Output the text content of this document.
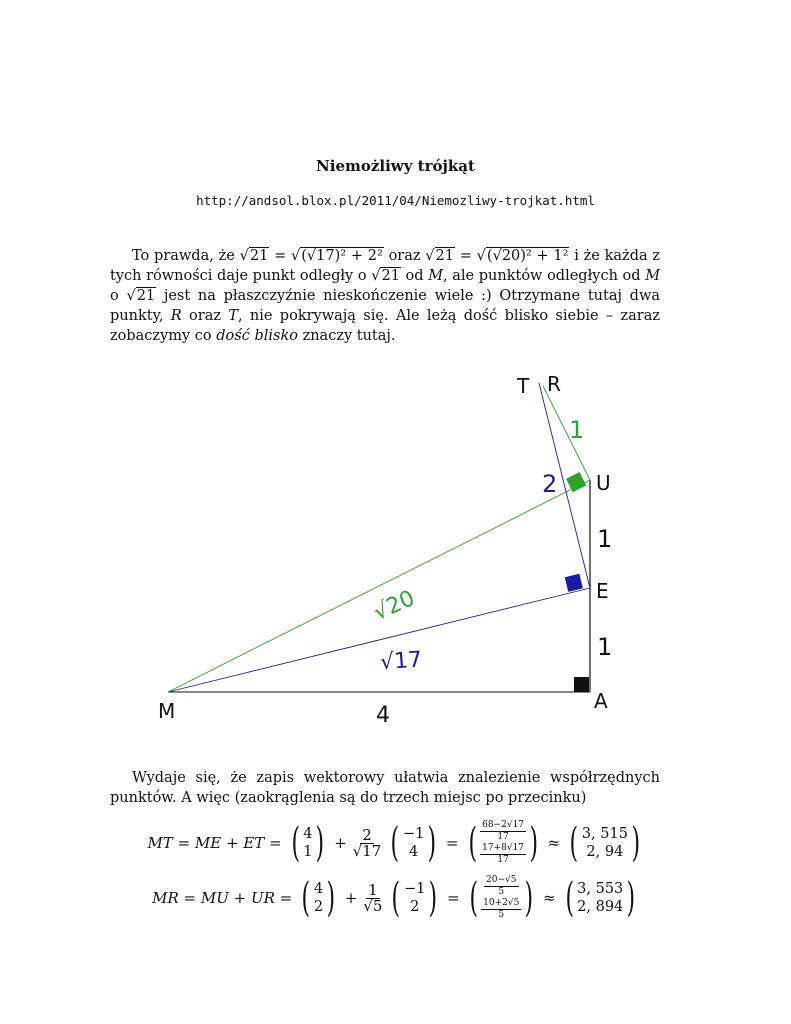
Niemożliwy trójkąt
http://andsol.blox.pl/2011/04/Niemozliwy-trojkat.html
To prawda, że √21 = √(√17)² + 2² oraz √21 = √(√20)² + 1² i że każda z tych równości daje punkt odległy o √21 od M, ale punktów odległych od M o √21 jest na płaszczyźnie nieskończenie wiele :) Otrzymane tutaj dwa punkty, R oraz T, nie pokrywają się. Ale leżą dość blisko siebie – zaraz zobaczymy co dość blisko znaczy tutaj.
T R
U
E
A
M	4
1
1
1
2
√17
√20
Wydaje się, że zapis wektorowy ułatwia znalezienie współrzędnych punktów. A więc (zaokrąglenia są do trzech miejsc po przecinku)
MT = ME + ET = ( 4
1 ) + $\frac{2}{√17}$ ( −1
4 ) = ( $\frac{68-2√17}{17}$
$\frac{17+8√17}{17}$ ) ≈ ( 3, 515
2, 94 )
MR = MU + UR = ( 4
2 ) + $\frac{1}{√5}$ ( −1
2 ) = ( $\frac{20-√5}{5}$
$\frac{10+2√5}{5}$ ) ≈ ( 3, 553
2, 894 )
